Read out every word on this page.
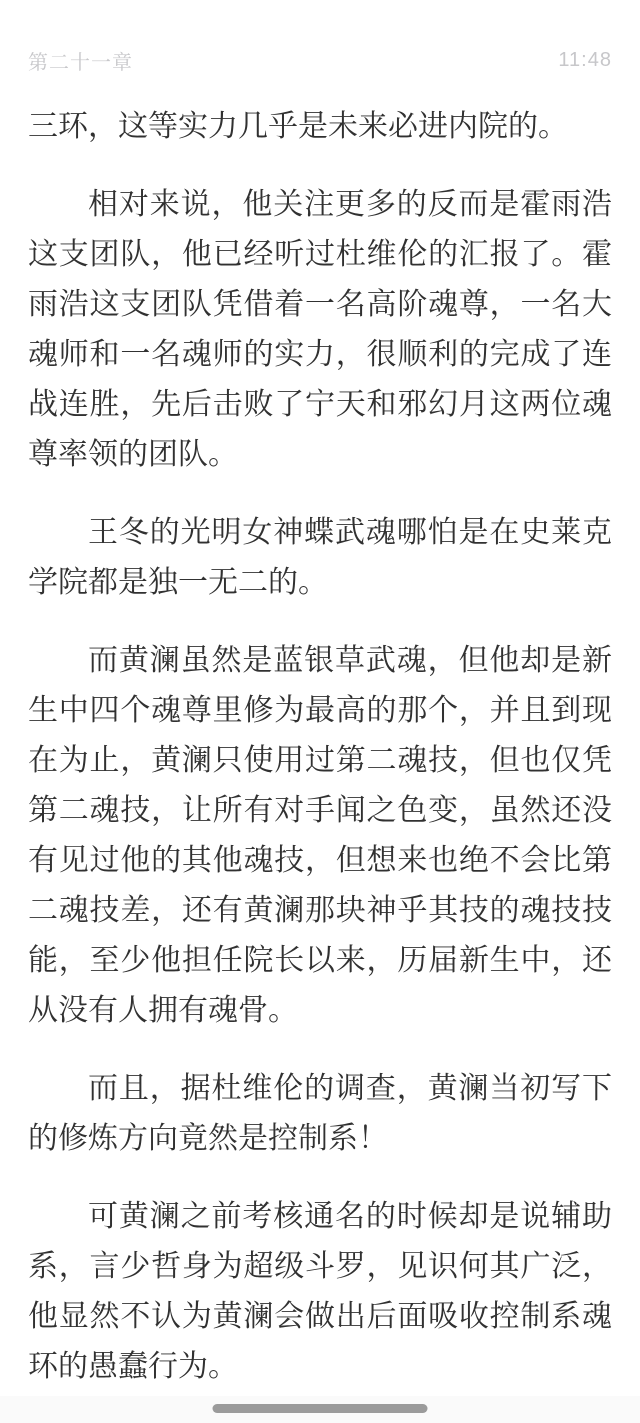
第二十一章	11:48

三环，这等实力几乎是未来必进内院的。

相对来说，他关注更多的反而是霍雨浩这支团队，他已经听过杜维伦的汇报了。霍雨浩这支团队凭借着一名高阶魂尊，一名大魂师和一名魂师的实力，很顺利的完成了连战连胜，先后击败了宁天和邪幻月这两位魂尊率领的团队。

王冬的光明女神蝶武魂哪怕是在史莱克学院都是独一无二的。

而黄澜虽然是蓝银草武魂，但他却是新生中四个魂尊里修为最高的那个，并且到现在为止，黄澜只使用过第二魂技，但也仅凭第二魂技，让所有对手闻之色变，虽然还没有见过他的其他魂技，但想来也绝不会比第二魂技差，还有黄澜那块神乎其技的魂技技能，至少他担任院长以来，历届新生中，还从没有人拥有魂骨。

而且，据杜维伦的调查，黄澜当初写下的修炼方向竟然是控制系！

可黄澜之前考核通名的时候却是说辅助系，言少哲身为超级斗罗，见识何其广泛，他显然不认为黄澜会做出后面吸收控制系魂环的愚蠢行为。
